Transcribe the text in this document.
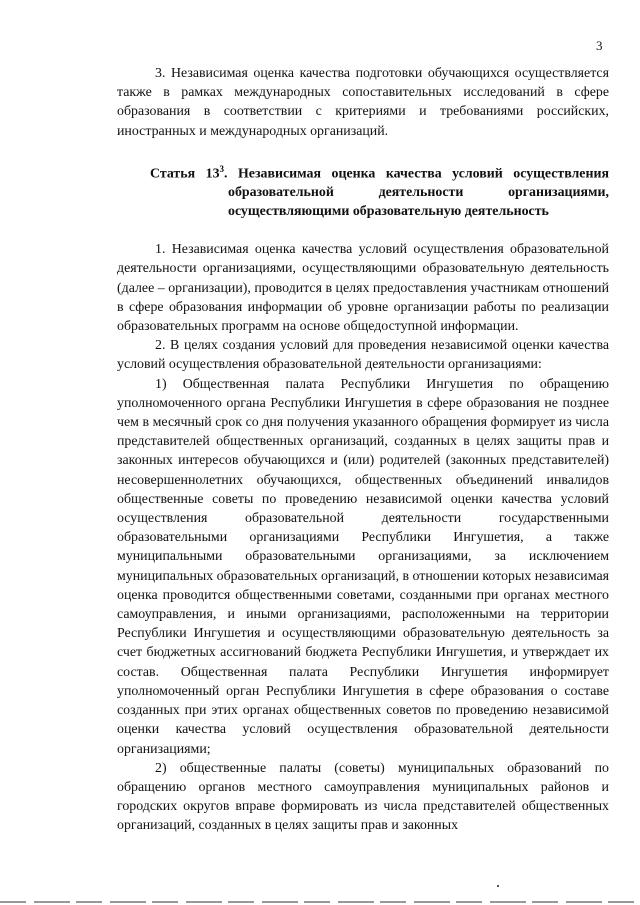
3

3. Независимая оценка качества подготовки обучающихся осуществляется также в рамках международных сопоставительных исследований в сфере образования в соответствии с критериями и требованиями российских, иностранных и международных организаций.

Статья $13^3$. Независимая оценка качества условий осуществления
образовательной деятельности организациями,
осуществляющими образовательную деятельность

1. Независимая оценка качества условий осуществления образовательной деятельности организациями, осуществляющими образовательную деятельность (далее – организации), проводится в целях предоставления участникам отношений в сфере образования информации об уровне организации работы по реализации образовательных программ на основе общедоступной информации.

2. В целях создания условий для проведения независимой оценки качества условий осуществления образовательной деятельности организациями:

1) Общественная палата Республики Ингушетия по обращению уполномоченного органа Республики Ингушетия в сфере образования не позднее чем в месячный срок со дня получения указанного обращения формирует из числа представителей общественных организаций, созданных в целях защиты прав и законных интересов обучающихся и (или) родителей (законных представителей) несовершеннолетних обучающихся, общественных объединений инвалидов общественные советы по проведению независимой оценки качества условий осуществления образовательной деятельности государственными образовательными организациями Республики Ингушетия, а также муниципальными образовательными организациями, за исключением муниципальных образовательных организаций, в отношении которых независимая оценка проводится общественными советами, созданными при органах местного самоуправления, и иными организациями, расположенными на территории Республики Ингушетия и осуществляющими образовательную деятельность за счет бюджетных ассигнований бюджета Республики Ингушетия, и утверждает их состав. Общественная палата Республики Ингушетия информирует уполномоченный орган Республики Ингушетия в сфере образования о составе созданных при этих органах общественных советов по проведению независимой оценки качества условий осуществления образовательной деятельности организациями;

2) общественные палаты (советы) муниципальных образований по обращению органов местного самоуправления муниципальных районов и городских округов вправе формировать из числа представителей общественных организаций, созданных в целях защиты прав и законных
